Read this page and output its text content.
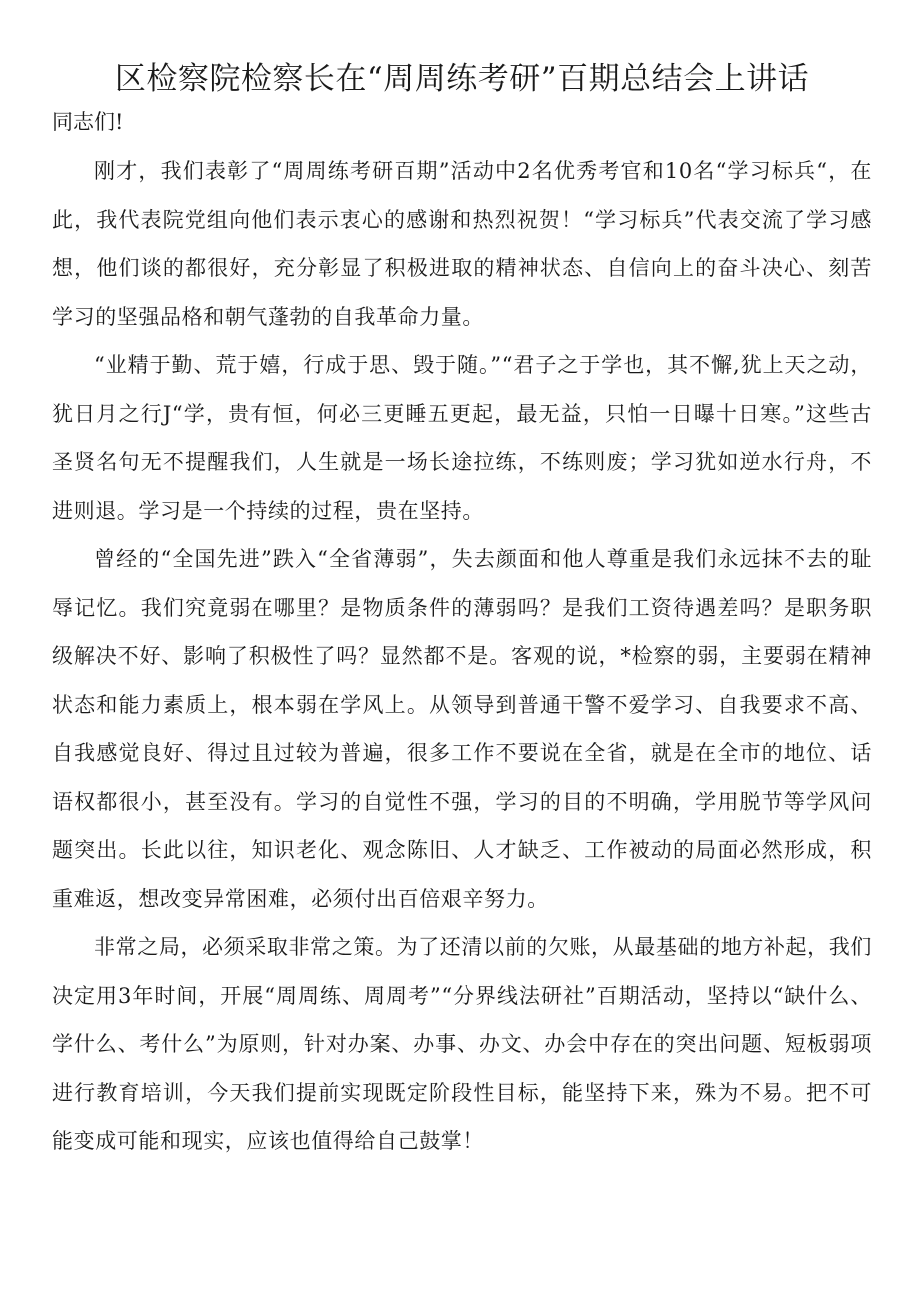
区检察院检察长在“周周练考研”百期总结会上讲话

同志们!

刚才，我们表彰了“周周练考研百期”活动中2名优秀考官和10名“学习标兵“，在此，我代表院党组向他们表示衷心的感谢和热烈祝贺！“学习标兵”代表交流了学习感想，他们谈的都很好，充分彰显了积极进取的精神状态、自信向上的奋斗决心、刻苦学习的坚强品格和朝气蓬勃的自我革命力量。

“业精于勤、荒于嬉，行成于思、毁于随。”“君子之于学也，其不懈,犹上天之动，犹日月之行J“学，贵有恒，何必三更睡五更起，最无益，只怕一日曝十日寒。”这些古圣贤名句无不提醒我们，人生就是一场长途拉练，不练则废；学习犹如逆水行舟，不进则退。学习是一个持续的过程，贵在坚持。

曾经的“全国先进”跌入“全省薄弱”，失去颜面和他人尊重是我们永远抹不去的耻辱记忆。我们究竟弱在哪里？是物质条件的薄弱吗？是我们工资待遇差吗？是职务职级解决不好、影响了积极性了吗？显然都不是。客观的说，*检察的弱，主要弱在精神状态和能力素质上，根本弱在学风上。从领导到普通干警不爱学习、自我要求不高、自我感觉良好、得过且过较为普遍，很多工作不要说在全省，就是在全市的地位、话语权都很小，甚至没有。学习的自觉性不强，学习的目的不明确，学用脱节等学风问题突出。长此以往，知识老化、观念陈旧、人才缺乏、工作被动的局面必然形成，积重难返，想改变异常困难，必须付出百倍艰辛努力。

非常之局，必须采取非常之策。为了还清以前的欠账，从最基础的地方补起，我们决定用3年时间，开展“周周练、周周考”“分界线法研社”百期活动，坚持以“缺什么、学什么、考什么”为原则，针对办案、办事、办文、办会中存在的突出问题、短板弱项进行教育培训，今天我们提前实现既定阶段性目标，能坚持下来，殊为不易。把不可能变成可能和现实，应该也值得给自己鼓掌！
